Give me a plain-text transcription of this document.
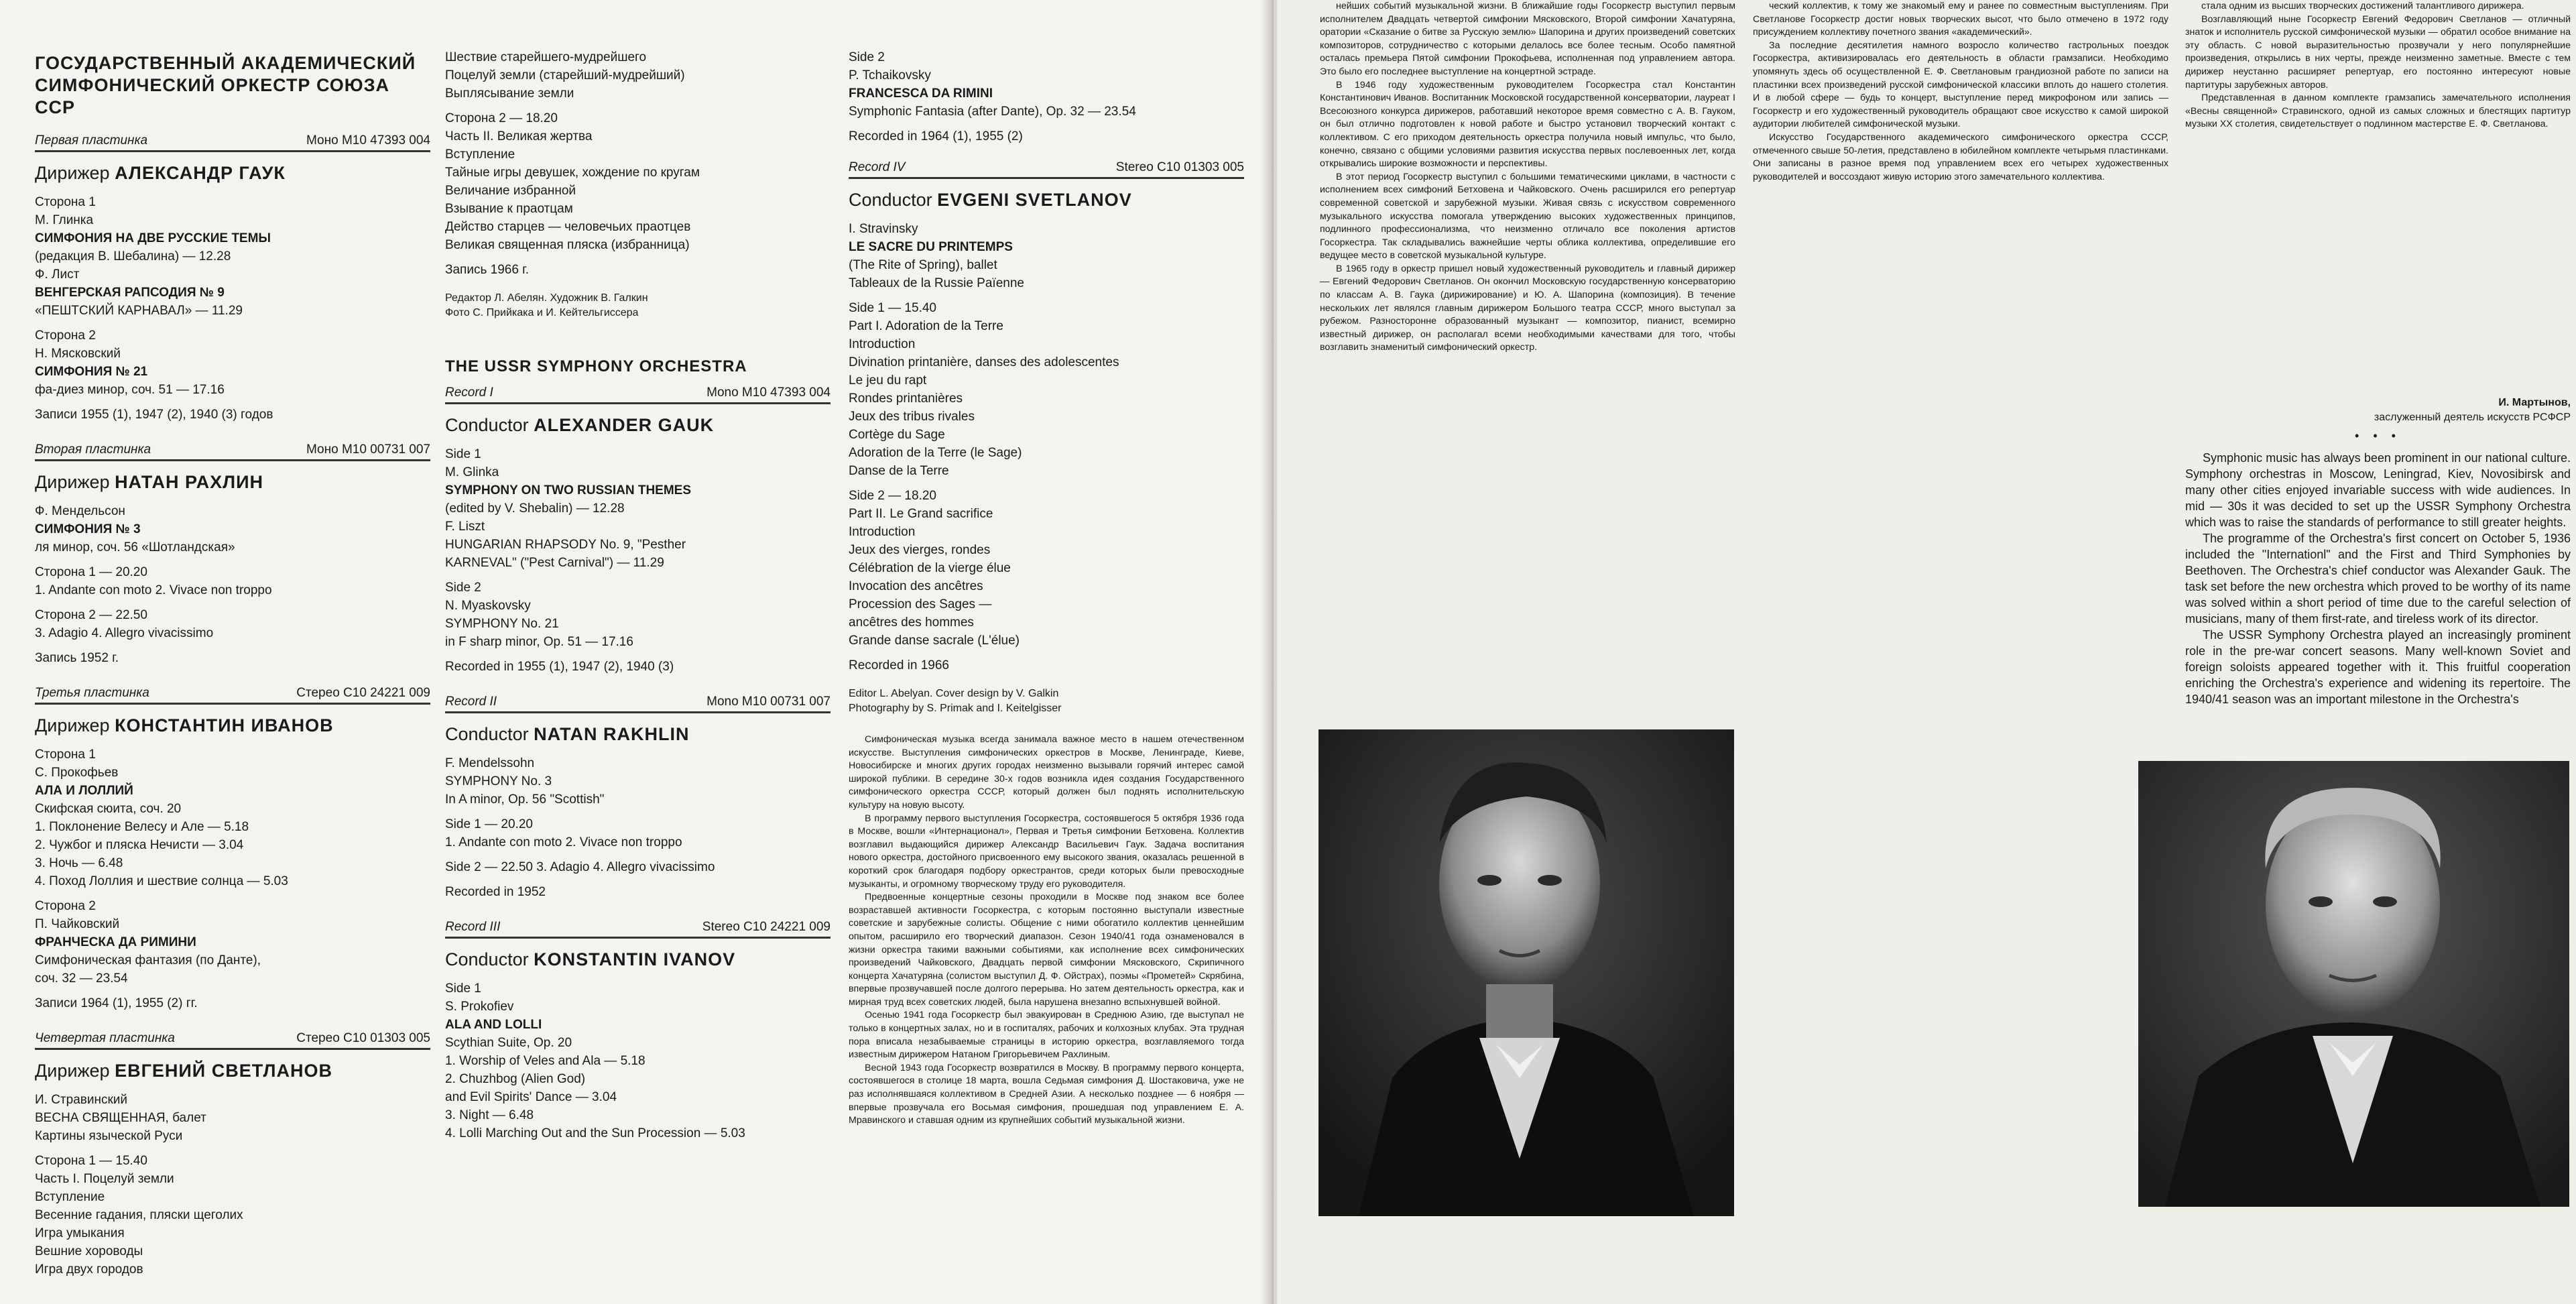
ГОСУДАРСТВЕННЫЙ АКАДЕМИЧЕСКИЙ
СИМФОНИЧЕСКИЙ ОРКЕСТР СОЮЗА ССР
Первая пластинка	Моно М10 47393 004
Дирижер АЛЕКСАНДР ГАУК
Сторона 1
М. Глинка
СИМФОНИЯ НА ДВЕ РУССКИЕ ТЕМЫ
(редакция В. Шебалина) — 12.28
Ф. Лист
ВЕНГЕРСКАЯ РАПСОДИЯ № 9
«ПЕШТСКИЙ КАРНАВАЛ» — 11.29
Сторона 2
Н. Мясковский
СИМФОНИЯ № 21
фа-диез минор, соч. 51 — 17.16
Записи 1955 (1), 1947 (2), 1940 (3) годов
Вторая пластинка	Моно М10 00731 007
Дирижер НАТАН РАХЛИН
Ф. Мендельсон
СИМФОНИЯ № 3
ля минор, соч. 56 «Шотландская»
Сторона 1 — 20.20
1. Andante con moto 2. Vivace non troppo
Сторона 2 — 22.50
3. Adagio 4. Allegro vivacissimo
Запись 1952 г.
Третья пластинка	Стерео С10 24221 009
Дирижер КОНСТАНТИН ИВАНОВ
Сторона 1
С. Прокофьев
АЛА И ЛОЛЛИЙ
Скифская сюита, соч. 20
1. Поклонение Велесу и Але — 5.18
2. Чужбог и пляска Нечисти — 3.04
3. Ночь — 6.48
4. Поход Лоллия и шествие солнца — 5.03
Сторона 2
П. Чайковский
ФРАНЧЕСКА ДА РИМИНИ
Симфоническая фантазия (по Данте),
соч. 32 — 23.54
Записи 1964 (1), 1955 (2) гг.
Четвертая пластинка	Стерео С10 01303 005
Дирижер ЕВГЕНИЙ СВЕТЛАНОВ
И. Стравинский
ВЕСНА СВЯЩЕННАЯ, балет
Картины языческой Руси
Сторона 1 — 15.40
Часть I. Поцелуй земли
Вступление
Весенние гадания, пляски щеголих
Игра умыкания
Вешние хороводы
Игра двух городов
Шествие старейшего-мудрейшего
Поцелуй земли (старейший-мудрейший)
Выплясывание земли
Сторона 2 — 18.20
Часть II. Великая жертва
Вступление
Тайные игры девушек, хождение по кругам
Величание избранной
Взывание к праотцам
Действо старцев — человечьих праотцев
Великая священная пляска (избранница)
Запись 1966 г.
Редактор Л. Абелян. Художник В. Галкин
Фото С. Прийкака и И. Кейтельгиссера
THE USSR SYMPHONY ORCHESTRA
Record I	Mono M10 47393 004
Conductor ALEXANDER GAUK
Side 1
M. Glinka
SYMPHONY ON TWO RUSSIAN THEMES
(edited by V. Shebalin) — 12.28
F. Liszt
HUNGARIAN RHAPSODY No. 9, "Pesther
KARNEVAL" ("Pest Carnival") — 11.29
Side 2
N. Myaskovsky
SYMPHONY No. 21
in F sharp minor, Op. 51 — 17.16
Recorded in 1955 (1), 1947 (2), 1940 (3)
Record II	Mono M10 00731 007
Conductor NATAN RAKHLIN
F. Mendelssohn
SYMPHONY No. 3
In A minor, Op. 56 "Scottish"
Side 1 — 20.20
1. Andante con moto 2. Vivace non troppo
Side 2 — 22.50 3. Adagio 4. Allegro vivacissimo
Recorded in 1952
Record III	Stereo C10 24221 009
Conductor KONSTANTIN IVANOV
Side 1
S. Prokofiev
ALA AND LOLLI
Scythian Suite, Op. 20
1. Worship of Veles and Ala — 5.18
2. Chuzhbog (Alien God)
and Evil Spirits' Dance — 3.04
3. Night — 6.48
4. Lolli Marching Out and the Sun Procession — 5.03
Side 2
P. Tchaikovsky
FRANCESCA DA RIMINI
Symphonic Fantasia (after Dante), Op. 32 — 23.54
Recorded in 1964 (1), 1955 (2)
Record IV	Stereo C10 01303 005
Conductor EVGENI SVETLANOV
I. Stravinsky
LE SACRE DU PRINTEMPS
(The Rite of Spring), ballet
Tableaux de la Russie Païenne
Side 1 — 15.40
Part I. Adoration de la Terre
Introduction
Divination printanière, danses des adolescentes
Le jeu du rapt
Rondes printanières
Jeux des tribus rivales
Cortège du Sage
Adoration de la Terre (le Sage)
Danse de la Terre
Side 2 — 18.20
Part II. Le Grand sacrifice
Introduction
Jeux des vierges, rondes
Célébration de la vierge élue
Invocation des ancêtres
Procession des Sages —
ancêtres des hommes
Grande danse sacrale (L'élue)
Recorded in 1966
Editor L. Abelyan. Cover design by V. Galkin
Photography by S. Primak and I. Keitelgisser

Симфоническая музыка всегда занимала важное место в нашем отечественном искусстве. Выступления симфонических оркестров в Москве, Ленинграде, Киеве, Новосибирске и многих других городах неизменно вызывали горячий интерес самой широкой публики. В середине 30-х годов возникла идея создания Государственного симфонического оркестра СССР, который должен был поднять исполнительскую культуру на новую высоту.

В программу первого выступления Госоркестра, состоявшегося 5 октября 1936 года в Москве, вошли «Интернационал», Первая и Третья симфонии Бетховена. Коллектив возглавил выдающийся дирижер Александр Васильевич Гаук. Задача воспитания нового оркестра, достойного присвоенного ему высокого звания, оказалась решенной в короткий срок благодаря подбору оркестрантов, среди которых были превосходные музыканты, и огромному творческому труду его руководителя.

Предвоенные концертные сезоны проходили в Москве под знаком все более возраставшей активности Госоркестра, с которым постоянно выступали известные советские и зарубежные солисты. Общение с ними обогатило коллектив ценнейшим опытом, расширило его творческий диапазон. Сезон 1940/41 года ознаменовался в жизни оркестра такими важными событиями, как исполнение всех симфонических произведений Чайковского, Двадцать первой симфонии Мясковского, Скрипичного концерта Хачатуряна (солистом выступил Д. Ф. Ойстрах), поэмы «Прометей» Скрябина, впервые прозвучавшей после долгого перерыва. Но затем деятельность оркестра, как и мирная труд всех советских людей, была нарушена внезапно вспыхнувшей войной.

Осенью 1941 года Госоркестр был эвакуирован в Среднюю Азию, где выступал не только в концертных залах, но и в госпиталях, рабочих и колхозных клубах. Эта трудная пора вписала незабываемые страницы в историю оркестра, возглавляемого тогда известным дирижером Натаном Григорьевичем Рахлиным.

Весной 1943 года Госоркестр возвратился в Москву. В программу первого концерта, состоявшегося в столице 18 марта, вошла Седьмая симфония Д. Шостаковича, уже не раз исполнявшаяся коллективом в Средней Азии. А несколько позднее — 6 ноября — впервые прозвучала его Восьмая симфония, прошедшая под управлением Е. А. Мравинского и ставшая одним из крупнейших событий музыкальной жизни.

нейших событий музыкальной жизни. В ближайшие годы Госоркестр выступил первым исполнителем Двадцать четвертой симфонии Мясковского, Второй симфонии Хачатуряна, оратории «Сказание о битве за Русскую землю» Шапорина и других произведений советских композиторов, сотрудничество с которыми делалось все более тесным. Особо памятной осталась премьера Пятой симфонии Прокофьева, исполненная под управлением автора. Это было его последнее выступление на концертной эстраде.

В 1946 году художественным руководителем Госоркестра стал Константин Константинович Иванов. Воспитанник Московской государственной консерватории, лауреат I Всесоюзного конкурса дирижеров, работавший некоторое время совместно с А. В. Гауком, он был отлично подготовлен к новой работе и быстро установил творческий контакт с коллективом. С его приходом деятельность оркестра получила новый импульс, что было, конечно, связано с общими условиями развития искусства первых послевоенных лет, когда открывались широкие возможности и перспективы.

В этот период Госоркестр выступил с большими тематическими циклами, в частности с исполнением всех симфоний Бетховена и Чайковского. Очень расширился его репертуар современной советской и зарубежной музыки. Живая связь с искусством современного музыкального искусства помогала утверждению высоких художественных принципов, подлинного профессионализма, что неизменно отличало все поколения артистов Госоркестра. Так складывались важнейшие черты облика коллектива, определившие его ведущее место в советской музыкальной культуре.

В 1965 году в оркестр пришел новый художественный руководитель и главный дирижер — Евгений Федорович Светланов. Он окончил Московскую государственную консерваторию по классам А. В. Гаука (дирижирование) и Ю. А. Шапорина (композиция). В течение нескольких лет являлся главным дирижером Большого театра СССР, много выступал за рубежом. Разносторонне образованный музыкант — композитор, пианист, всемирно известный дирижер, он располагал всеми необходимыми качествами для того, чтобы возглавить знаменитый симфонический оркестр.

ческий коллектив, к тому же знакомый ему и ранее по совместным выступлениям. При Светланове Госоркестр достиг новых творческих высот, что было отмечено в 1972 году присуждением коллективу почетного звания «академический».

За последние десятилетия намного возросло количество гастрольных поездок Госоркестра, активизировалась его деятельность в области грамзаписи. Необходимо упомянуть здесь об осуществленной Е. Ф. Светлановым грандиозной работе по записи на пластинки всех произведений русской симфонической классики вплоть до нашего столетия. И в любой сфере — будь то концерт, выступление перед микрофоном или запись — Госоркестр и его художественный руководитель обращают свое искусство к самой широкой аудитории любителей симфонической музыки.

Искусство Государственного академического симфонического оркестра СССР, отмеченного свыше 50-летия, представлено в юбилейном комплекте четырьмя пластинками. Они записаны в разное время под управлением всех его четырех художественных руководителей и воссоздают живую историю этого замечательного коллектива.

стала одним из высших творческих достижений талантливого дирижера.

Возглавляющий ныне Госоркестр Евгений Федорович Светланов — отличный знаток и исполнитель русской симфонической музыки — обратил особое внимание на эту область. С новой выразительностью прозвучали у него популярнейшие произведения, открылись в них черты, прежде неизменно заметные. Вместе с тем дирижер неустанно расширяет репертуар, его постоянно интересуют новые партитуры зарубежных авторов.

Представленная в данном комплекте грамзапись замечательного исполнения «Весны священной» Стравинского, одной из самых сложных и блестящих партитур музыки XX столетия, свидетельствует о подлинном мастерстве Е. Ф. Светланова.

И. Мартынов,
заслуженный деятель искусств РСФСР
• • •

Symphonic music has always been prominent in our national culture. Symphony orchestras in Moscow, Leningrad, Kiev, Novosibirsk and many other cities enjoyed invariable success with wide audiences. In mid — 30s it was decided to set up the USSR Symphony Orchestra which was to raise the standards of performance to still greater heights.

The programme of the Orchestra's first concert on October 5, 1936 included the "Internationl" and the First and Third Symphonies by Beethoven. The Orchestra's chief conductor was Alexander Gauk. The task set before the new orchestra which proved to be worthy of its name was solved within a short period of time due to the careful selection of musicians, many of them first-rate, and tireless work of its director.

The USSR Symphony Orchestra played an increasingly prominent role in the pre-war concert seasons. Many well-known Soviet and foreign soloists appeared together with it. This fruitful cooperation enriching the Orchestra's experience and widening its repertoire. The 1940/41 season was an important milestone in the Orchestra's
